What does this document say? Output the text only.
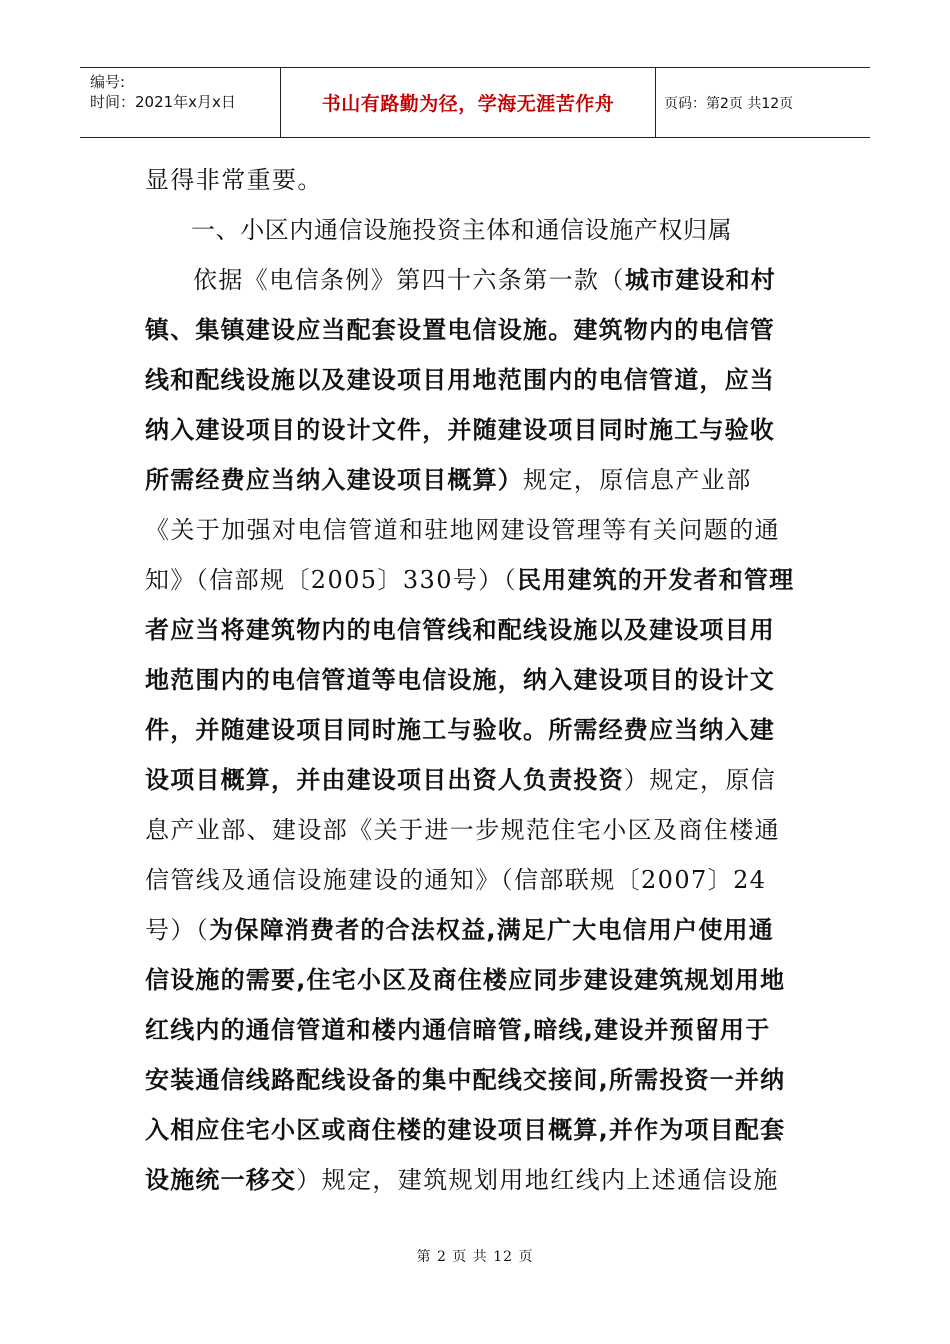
编号:
时间：2021年x月x日	书山有路勤为径，学海无涯苦作舟	页码：第2页 共12页
显得非常重要。
一、小区内通信设施投资主体和通信设施产权归属
依据《电信条例》第四十六条第一款（城市建设和村
镇、集镇建设应当配套设置电信设施。建筑物内的电信管
线和配线设施以及建设项目用地范围内的电信管道，应当
纳入建设项目的设计文件，并随建设项目同时施工与验收
所需经费应当纳入建设项目概算）规定，原信息产业部
《关于加强对电信管道和驻地网建设管理等有关问题的通
知》（信部规〔2005〕330号）（民用建筑的开发者和管理
者应当将建筑物内的电信管线和配线设施以及建设项目用
地范围内的电信管道等电信设施，纳入建设项目的设计文
件，并随建设项目同时施工与验收。所需经费应当纳入建
设项目概算，并由建设项目出资人负责投资）规定，原信
息产业部、建设部《关于进一步规范住宅小区及商住楼通
信管线及通信设施建设的通知》（信部联规〔2007〕24
号）（为保障消费者的合法权益,满足广大电信用户使用通
信设施的需要,住宅小区及商住楼应同步建设建筑规划用地
红线内的通信管道和楼内通信暗管,暗线,建设并预留用于
安装通信线路配线设备的集中配线交接间,所需投资一并纳
入相应住宅小区或商住楼的建设项目概算,并作为项目配套
设施统一移交）规定，建筑规划用地红线内上述通信设施
第 2 页 共 12 页
